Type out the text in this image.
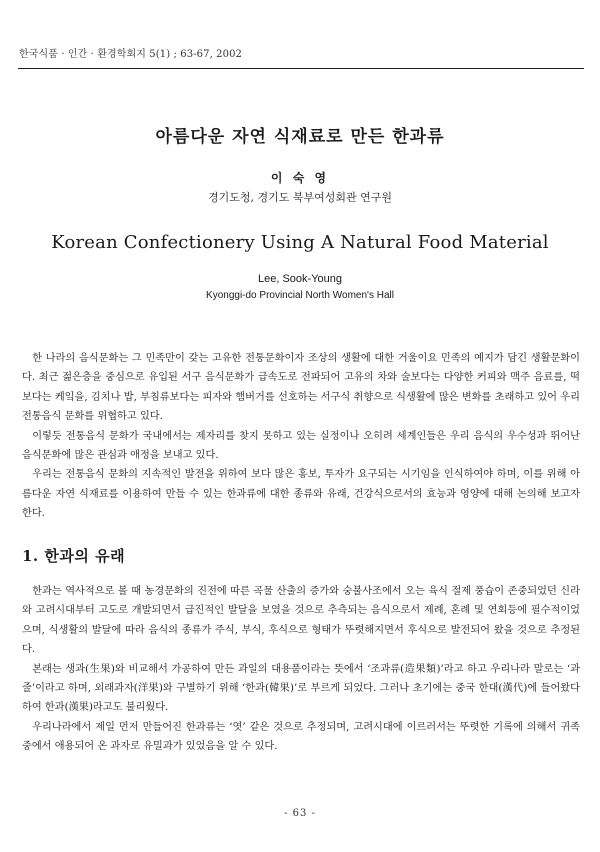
한국식품 · 인간 · 환경학회지 5(1) ; 63-67, 2002
아름다운 자연 식재료로 만든 한과류
이 숙 영
경기도청, 경기도 북부여성회관 연구원
Korean Confectionery Using A Natural Food Material
Lee, Sook-Young
Kyonggi-do Provincial North Women's Hall

한 나라의 음식문화는 그 민족만이 갖는 고유한 전통문화이자 조상의 생활에 대한 거울이요 민족의 예지가 담긴 생활문화이다. 최근 젊은층을 중심으로 유입된 서구 음식문화가 급속도로 전파되어 고유의 차와 술보다는 다양한 커피와 맥주 음료를, 떡보다는 케잌을, 김치나 밥, 부침류보다는 피자와 햄버거를 선호하는 서구식 취향으로 식생활에 많은 변화를 초래하고 있어 우리 전통음식 문화를 위협하고 있다.

이렇듯 전통음식 문화가 국내에서는 제자리를 찾지 못하고 있는 실정이나 오히려 세계인들은 우리 음식의 우수성과 뛰어난 음식문화에 많은 관심과 애정을 보내고 있다.

우리는 전통음식 문화의 지속적인 발전을 위하여 보다 많은 홍보, 투자가 요구되는 시기임을 인식하여야 하며, 이를 위해 아름다운 자연 식재료를 이용하여 만들 수 있는 한과류에 대한 종류와 유래, 건강식으로서의 효능과 영양에 대해 논의해 보고자 한다.

1. 한과의 유래

한과는 역사적으로 볼 때 농경문화의 진전에 따른 곡물 산출의 증가와 숭불사조에서 오는 육식 절제 풍습이 존중되었던 신라와 고려시대부터 고도로 개발되면서 급진적인 발달을 보였을 것으로 추측되는 음식으로서 제례, 혼례 및 연회등에 필수적이었으며, 식생활의 발달에 따라 음식의 종류가 주식, 부식, 후식으로 형태가 뚜렷해지면서 후식으로 발전되어 왔을 것으로 추정된다.

본래는 생과(生果)와 비교해서 가공하여 만든 과일의 대용품이라는 뜻에서 ‘조과류(造果類)’라고 하고 우리나라 말로는 ‘과줄’이라고 하며, 외래과자(洋果)와 구별하기 위해 ‘한과(韓果)’로 부르게 되었다. 그러나 초기에는 중국 한대(漢代)에 들어왔다 하여 한과(漢果)라고도 불리웠다.

우리나라에서 제일 먼저 만들어진 한과류는 ‘엿’ 같은 것으로 추정되며, 고려시대에 이르러서는 뚜렷한 기록에 의해서 귀족 중에서 애용되어 온 과자로 유밀과가 있었음을 알 수 있다.

- 63 -
